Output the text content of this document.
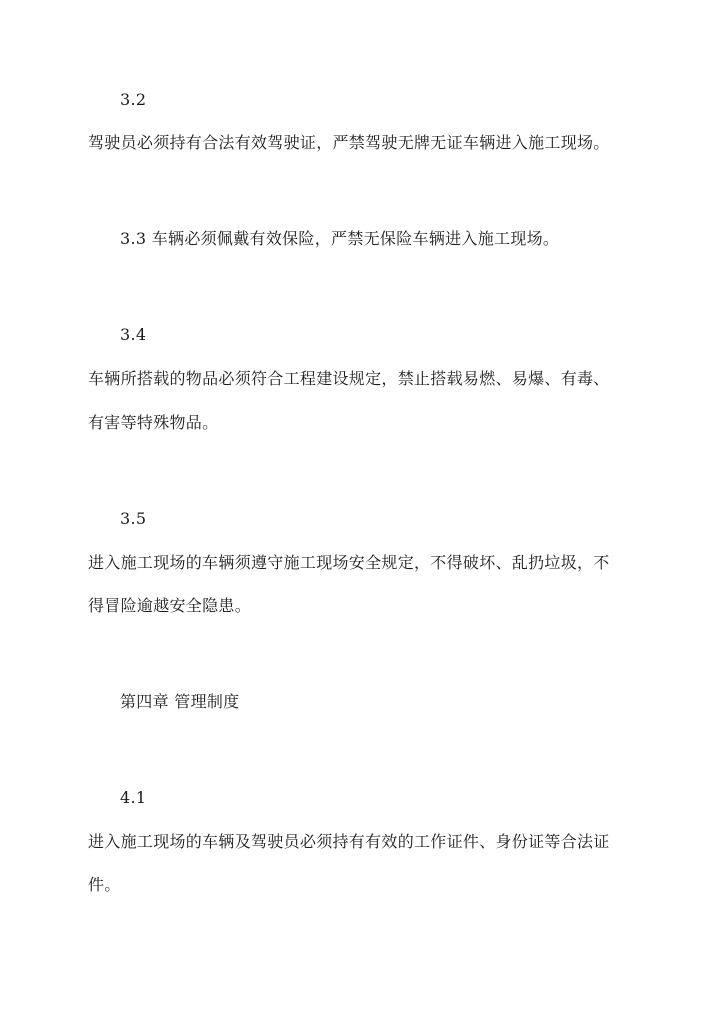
3.2
驾驶员必须持有合法有效驾驶证，严禁驾驶无牌无证车辆进入施工现场。
3.3 车辆必须佩戴有效保险，严禁无保险车辆进入施工现场。
3.4
车辆所搭载的物品必须符合工程建设规定，禁止搭载易燃、易爆、有毒、
有害等特殊物品。
3.5
进入施工现场的车辆须遵守施工现场安全规定，不得破坏、乱扔垃圾，不
得冒险逾越安全隐患。
第四章 管理制度
4.1
进入施工现场的车辆及驾驶员必须持有有效的工作证件、身份证等合法证
件。
